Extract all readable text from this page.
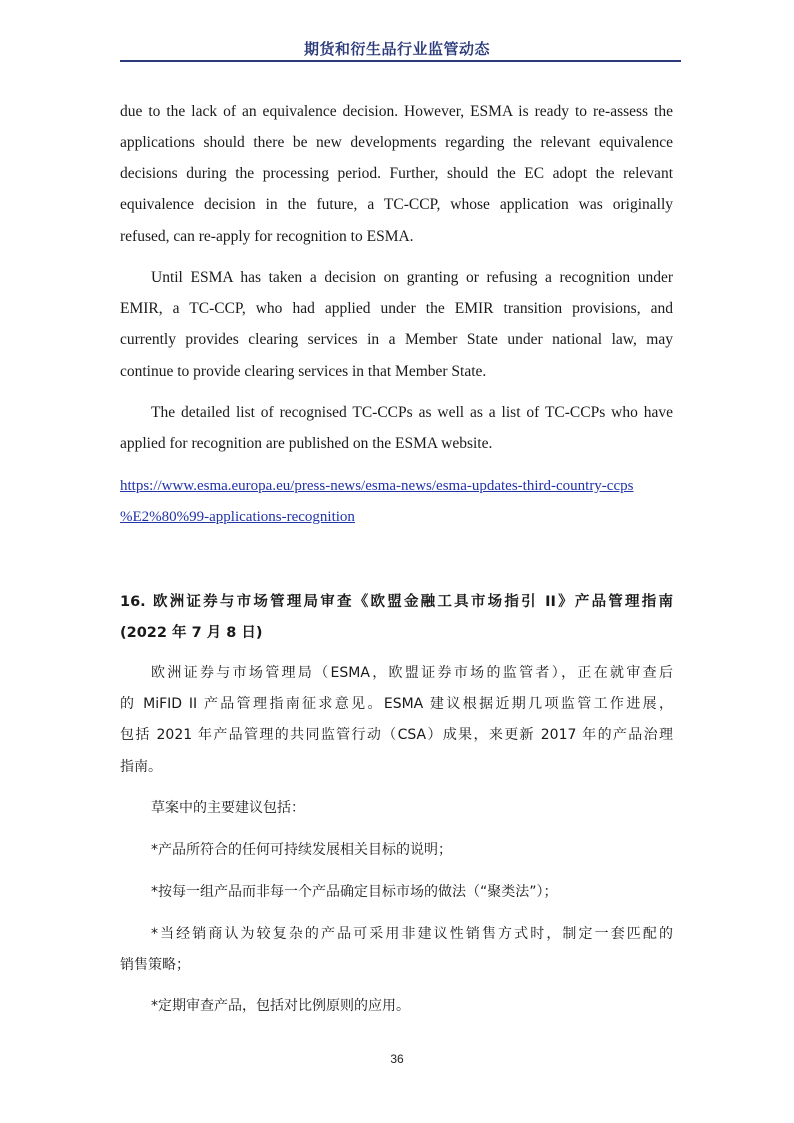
期货和衍生品行业监管动态
due to the lack of an equivalence decision. However, ESMA is ready to re-assess the
applications should there be new developments regarding the relevant equivalence
decisions during the processing period. Further, should the EC adopt the relevant
equivalence decision in the future, a TC-CCP, whose application was originally
refused, can re-apply for recognition to ESMA.
Until ESMA has taken a decision on granting or refusing a recognition under
EMIR, a TC-CCP, who had applied under the EMIR transition provisions, and
currently provides clearing services in a Member State under national law, may
continue to provide clearing services in that Member State.
The detailed list of recognised TC-CCPs as well as a list of TC-CCPs who have
applied for recognition are published on the ESMA website.
https://www.esma.europa.eu/press-news/esma-news/esma-updates-third-country-ccps
%E2%80%99-applications-recognition
16. 欧洲证券与市场管理局审查《欧盟金融工具市场指引 II》产品管理指南
(2022 年 7 月 8 日)
欧洲证券与市场管理局（ESMA，欧盟证券市场的监管者），正在就审查后
的 MiFID II 产品管理指南征求意见。ESMA 建议根据近期几项监管工作进展，
包括 2021 年产品管理的共同监管行动（CSA）成果，来更新 2017 年的产品治理
指南。
草案中的主要建议包括：
*产品所符合的任何可持续发展相关目标的说明；
*按每一组产品而非每一个产品确定目标市场的做法（“聚类法”）；
*当经销商认为较复杂的产品可采用非建议性销售方式时，制定一套匹配的
销售策略；
*定期审查产品，包括对比例原则的应用。
36
